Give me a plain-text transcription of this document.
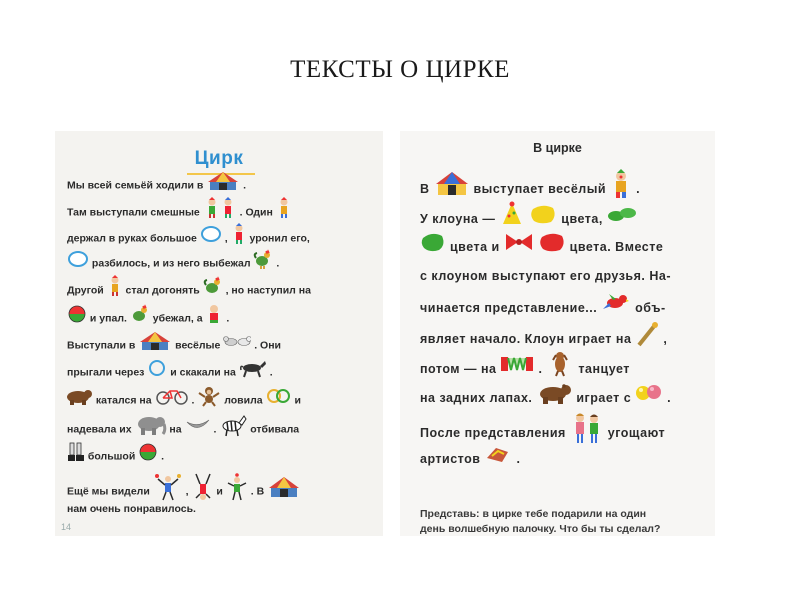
ТЕКСТЫ О ЦИРКЕ
Цирк
Мы всей семьёй ходили в	.
Там выступали смешные	. Один
держал в руках большое	, уронил его,
разбилось, и из него выбежал .
Другой стал догонять , но наступил на
и упал. убежал, а .
Выступали в	весёлые	. Они
прыгали через и скакали на	.
катался на	.	ловила	и
надевала их	на	.	отбивала
большой .
Ещё мы видели	,	и	. В
нам очень понравилось.
14
В цирке
В	выступает весёлый .
У клоуна —	цвета,
цвета и	цвета. Вместе
с клоуном выступают его друзья. На-
чинается представление...	объ-
являет начало. Клоун играет на	,
потом — на	.	танцует
на задних лапах.	играет с	.
После представления	угощают
артистов	.
Представь: в цирке тебе подарили на один
день волшебную палочку. Что бы ты сделал?
